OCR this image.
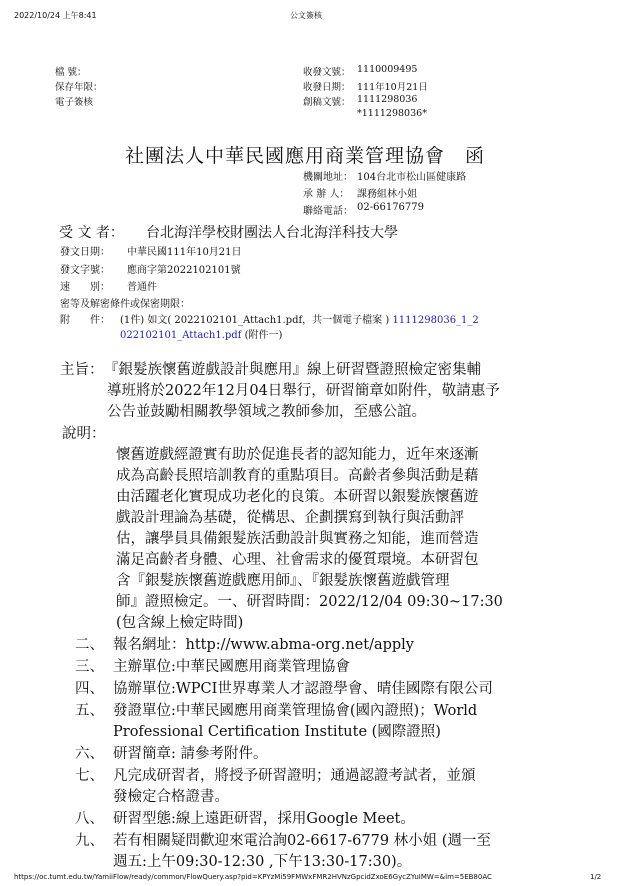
2022/10/24 上午8:41	公文簽核
檔 號：
保存年限：
電子簽核
收發文號： 1110009495
收發日期： 111年10月21日
創稿文號： 1111298036
*1111298036*
社團法人中華民國應用商業管理協會　函
機關地址： 104台北市松山區健康路
承 辦 人： 課務組林小姐
聯絡電話： 02-66176779
受 文 者： 台北海洋學校財團法人台北海洋科技大學
發文日期： 中華民國111年10月21日
發文字號： 應商字第2022102101號
速　　別： 普通件
密等及解密條件或保密期限：
附　　件： (1件) 如文( 2022102101_Attach1.pdf，共一個電子檔案 ) 1111298036_1_2
022102101_Attach1.pdf (附件一)
主旨： 『銀髮族懷舊遊戲設計與應用』線上研習暨證照檢定密集輔
導班將於2022年12月04日舉行，研習簡章如附件，敬請惠予
公告並鼓勵相關教學領域之教師參加，至感公誼。
說明：
懷舊遊戲經證實有助於促進長者的認知能力，近年來逐漸
成為高齡長照培訓教育的重點項目。高齡者參與活動是藉
由活躍老化實現成功老化的良策。本研習以銀髮族懷舊遊
戲設計理論為基礎，從構思、企劃撰寫到執行與活動評
估，讓學員具備銀髮族活動設計與實務之知能，進而營造
滿足高齡者身體、心理、社會需求的優質環境。本研習包
含『銀髮族懷舊遊戲應用師』、『銀髮族懷舊遊戲管理
師』證照檢定。一、研習時間：2022/12/04 09:30~17:30
(包含線上檢定時間)
二、 報名網址：http://www.abma-org.net/apply
三、 主辦單位:中華民國應用商業管理協會
四、 協辦單位:WPCI世界專業人才認證學會、晴佳國際有限公司
五、 發證單位:中華民國應用商業管理協會(國內證照)；World
Professional Certification Institute (國際證照)
六、 研習簡章: 請參考附件。
七、 凡完成研習者，將授予研習證明；通過認證考試者，並頒
發檢定合格證書。
八、 研習型態:線上遠距研習，採用Google Meet。
九、 若有相關疑問歡迎來電洽詢02-6617-6779 林小姐 (週一至
週五:上午09:30-12:30 ,下午13:30-17:30)。
https://oc.tumt.edu.tw/YamiiFlow/ready/common/FlowQuery.asp?pid=KPYzMi59FMWxFMR2HVNzGpcidZxoE6GycZYuIMW=&lm=5EB80AC	1/2
